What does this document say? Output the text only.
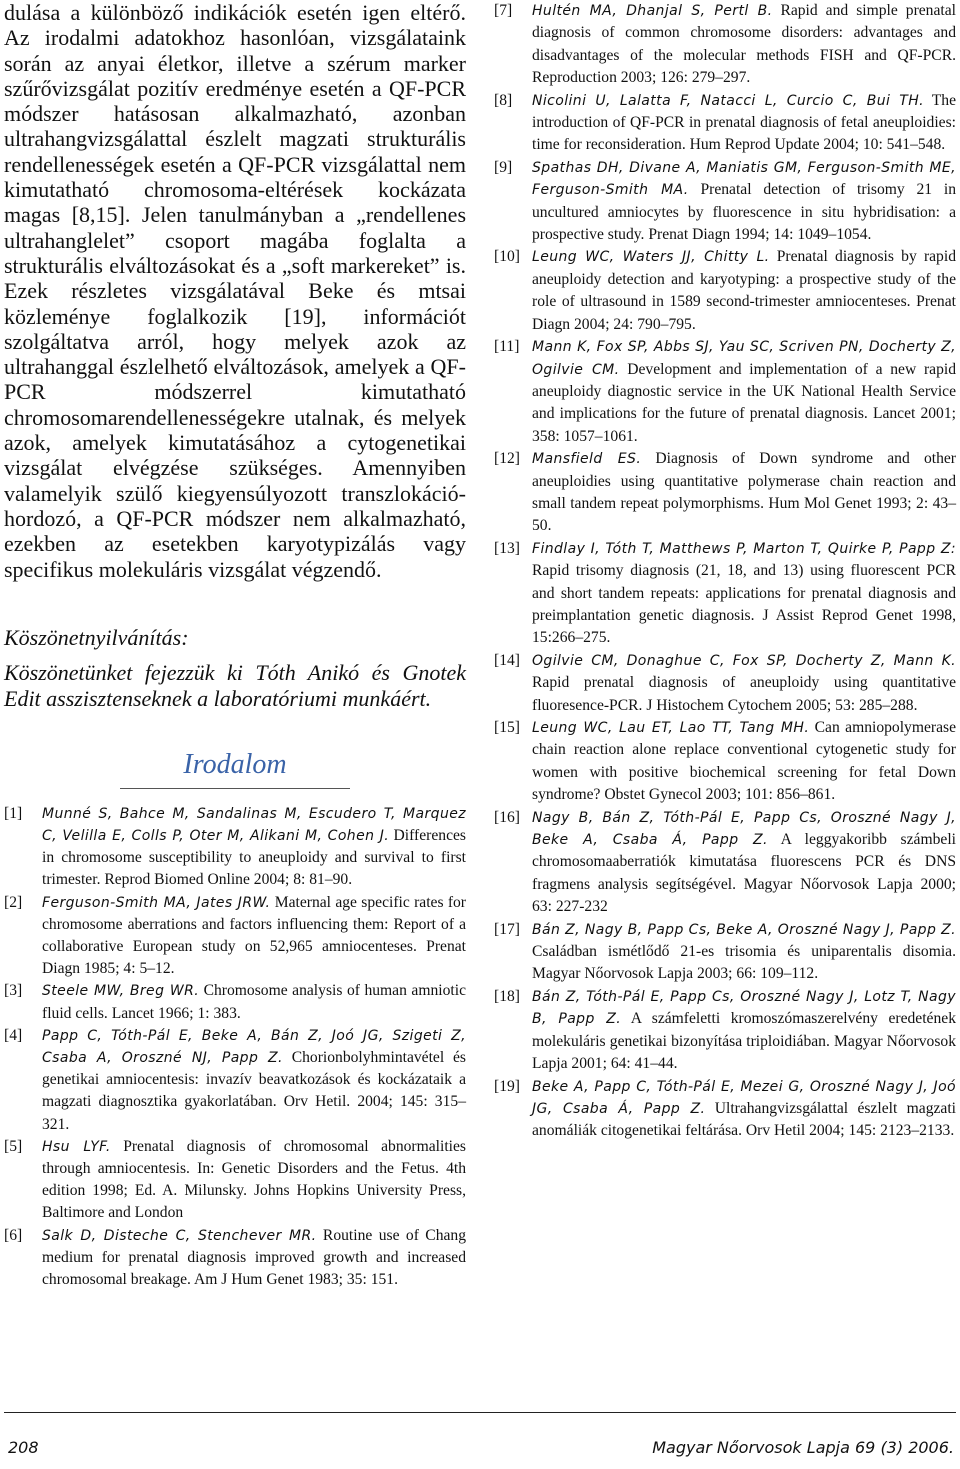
dulása a különböző indikációk esetén igen eltérő. Az irodalmi adatokhoz hasonlóan, vizsgálataink során az anyai életkor, illetve a szérum marker szűrővizsgálat pozitív eredménye esetén a QF-PCR módszer hatásosan alkalmazható, azonban ultrahangvizsgálattal észlelt magzati strukturális rendellenességek esetén a QF-PCR vizsgálattal nem kimutatható chromosoma-eltérések kockázata magas [8,15]. Jelen tanulmányban a „rendellenes ultrahanglelet” csoport magába foglalta a strukturális elváltozásokat és a „soft markereket” is. Ezek részletes vizsgálatával Beke és mtsai közleménye foglalkozik [19], információt szolgáltatva arról, hogy melyek azok az ultrahanggal észlelhető elváltozások, amelyek a QF-PCR módszerrel kimutatható chromosomarendellenességekre utalnak, és melyek azok, amelyek kimutatásához a cytogenetikai vizsgálat elvégzése szükséges. Amennyiben valamelyik szülő kiegyensúlyozott transzlokáció-hordozó, a QF-PCR módszer nem alkalmazható, ezekben az esetekben karyotypizálás vagy specifikus molekuláris vizsgálat végzendő.

Köszönetnyilvánítás:
Köszönetünket fejezzük ki Tóth Anikó és Gnotek Edit asszisztenseknek a laboratóriumi munkáért.
Irodalom
[1] Munné S, Bahce M, Sandalinas M, Escudero T, Marquez C, Velilla E, Colls P, Oter M, Alikani M, Cohen J. Differences in chromosome susceptibility to aneuploidy and survival to first trimester. Reprod Biomed Online 2004; 8: 81–90.
[2] Ferguson-Smith MA, Jates JRW. Maternal age specific rates for chromosome aberrations and factors influencing them: Report of a collaborative European study on 52,965 amniocenteses. Prenat Diagn 1985; 4: 5–12.
[3] Steele MW, Breg WR. Chromosome analysis of human amniotic fluid cells. Lancet 1966; 1: 383.
[4] Papp C, Tóth-Pál E, Beke A, Bán Z, Joó JG, Szigeti Z, Csaba A, Oroszné NJ, Papp Z. Chorionbolyhmintavétel és genetikai amniocentesis: invazív beavatkozások és kockázataik a magzati diagnosztika gyakorlatában. Orv Hetil. 2004; 145: 315–321.
[5] Hsu LYF. Prenatal diagnosis of chromosomal abnormalities through amniocentesis. In: Genetic Disorders and the Fetus. 4th edition 1998; Ed. A. Milunsky. Johns Hopkins University Press, Baltimore and London
[6] Salk D, Disteche C, Stenchever MR. Routine use of Chang medium for prenatal diagnosis improved growth and increased chromosomal breakage. Am J Hum Genet 1983; 35: 151.
[7] Hultén MA, Dhanjal S, Pertl B. Rapid and simple prenatal diagnosis of common chromosome disorders: advantages and disadvantages of the molecular methods FISH and QF-PCR. Reproduction 2003; 126: 279–297.
[8] Nicolini U, Lalatta F, Natacci L, Curcio C, Bui TH. The introduction of QF-PCR in prenatal diagnosis of fetal aneuploidies: time for reconsideration. Hum Reprod Update 2004; 10: 541–548.
[9] Spathas DH, Divane A, Maniatis GM, Ferguson-Smith ME, Ferguson-Smith MA. Prenatal detection of trisomy 21 in uncultured amniocytes by fluorescence in situ hybridisation: a prospective study. Prenat Diagn 1994; 14: 1049–1054.
[10] Leung WC, Waters JJ, Chitty L. Prenatal diagnosis by rapid aneuploidy detection and karyotyping: a prospective study of the role of ultrasound in 1589 second-trimester amniocenteses. Prenat Diagn 2004; 24: 790–795.
[11] Mann K, Fox SP, Abbs SJ, Yau SC, Scriven PN, Docherty Z, Ogilvie CM. Development and implementation of a new rapid aneuploidy diagnostic service in the UK National Health Service and implications for the future of prenatal diagnosis. Lancet 2001; 358: 1057–1061.
[12] Mansfield ES. Diagnosis of Down syndrome and other aneuploidies using quantitative polymerase chain reaction and small tandem repeat polymorphisms. Hum Mol Genet 1993; 2: 43–50.
[13] Findlay I, Tóth T, Matthews P, Marton T, Quirke P, Papp Z: Rapid trisomy diagnosis (21, 18, and 13) using fluorescent PCR and short tandem repeats: applications for prenatal diagnosis and preimplantation genetic diagnosis. J Assist Reprod Genet 1998, 15:266–275.
[14] Ogilvie CM, Donaghue C, Fox SP, Docherty Z, Mann K. Rapid prenatal diagnosis of aneuploidy using quantitative fluoresence-PCR. J Histochem Cytochem 2005; 53: 285–288.
[15] Leung WC, Lau ET, Lao TT, Tang MH. Can amniopolymerase chain reaction alone replace conventional cytogenetic study for women with positive biochemical screening for fetal Down syndrome? Obstet Gynecol 2003; 101: 856–861.
[16] Nagy B, Bán Z, Tóth-Pál E, Papp Cs, Oroszné Nagy J, Beke A, Csaba Á, Papp Z. A leggyakoribb számbeli chromosomaaberratiók kimutatása fluorescens PCR és DNS fragmens analysis segítségével. Magyar Nőorvosok Lapja 2000; 63: 227-232
[17] Bán Z, Nagy B, Papp Cs, Beke A, Oroszné Nagy J, Papp Z. Családban ismétlődő 21-es trisomia és uniparentalis disomia. Magyar Nőorvosok Lapja 2003; 66: 109–112.
[18] Bán Z, Tóth-Pál E, Papp Cs, Oroszné Nagy J, Lotz T, Nagy B, Papp Z. A számfeletti kromoszómaszerelvény eredetének molekuláris genetikai bizonyítása triploidiában. Magyar Nőorvosok Lapja 2001; 64: 41–44.
[19] Beke A, Papp C, Tóth-Pál E, Mezei G, Oroszné Nagy J, Joó JG, Csaba Á, Papp Z. Ultrahangvizsgálattal észlelt magzati anomáliák citogenetikai feltárása. Orv Hetil 2004; 145: 2123–2133.
208	Magyar Nőorvosok Lapja 69 (3) 2006.
